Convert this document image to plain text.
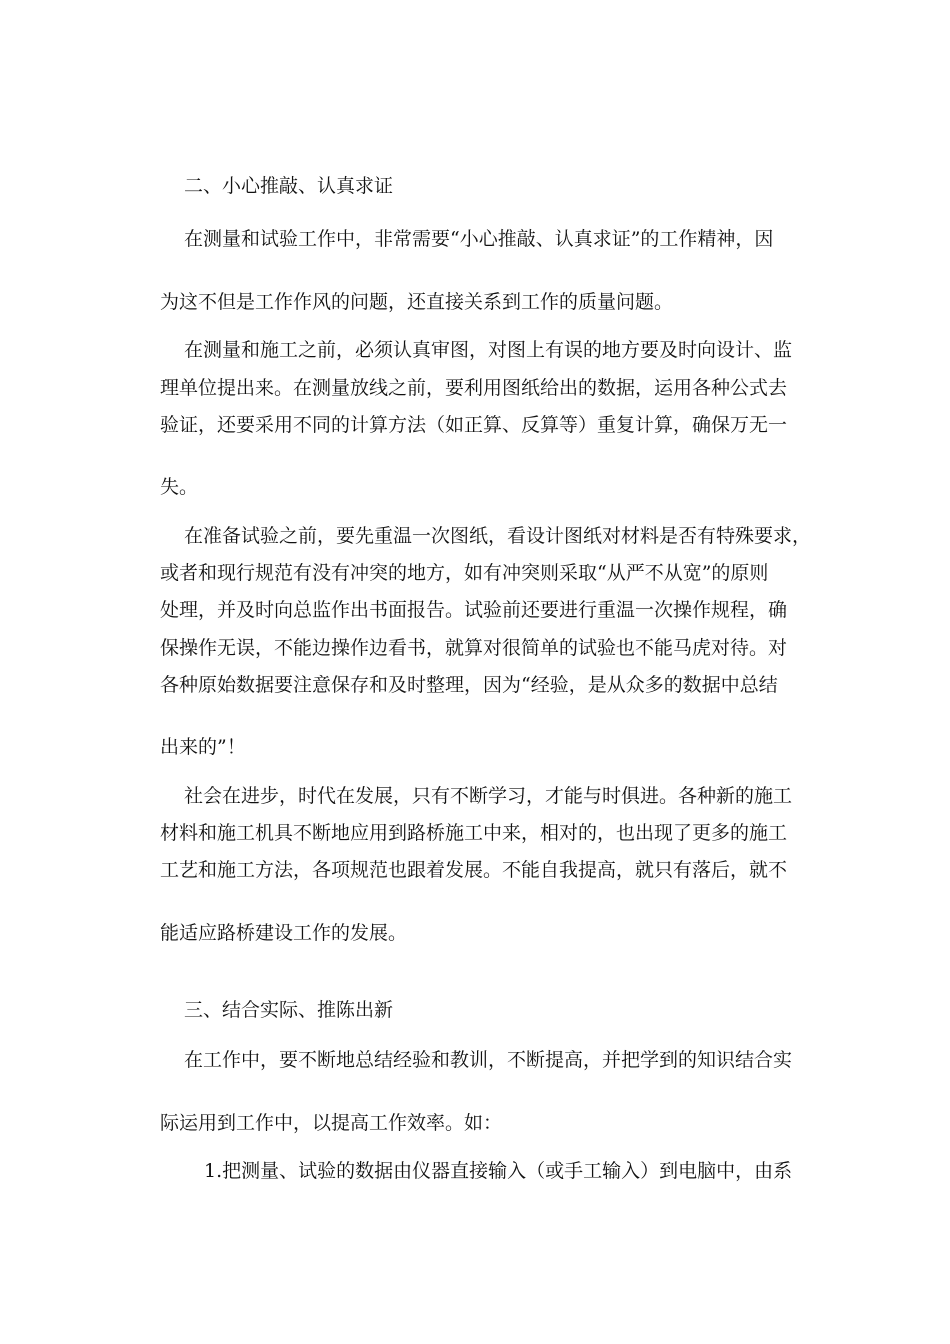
二、小心推敲、认真求证

在测量和试验工作中，非常需要“小心推敲、认真求证”的工作精神，因

为这不但是工作作风的问题，还直接关系到工作的质量问题。

在测量和施工之前，必须认真审图，对图上有误的地方要及时向设计、监

理单位提出来。在测量放线之前，要利用图纸给出的数据，运用各种公式去

验证，还要采用不同的计算方法（如正算、反算等）重复计算，确保万无一

失。

在准备试验之前，要先重温一次图纸，看设计图纸对材料是否有特殊要求，

或者和现行规范有没有冲突的地方，如有冲突则采取“从严不从宽”的原则

处理，并及时向总监作出书面报告。试验前还要进行重温一次操作规程，确

保操作无误，不能边操作边看书，就算对很简单的试验也不能马虎对待。对

各种原始数据要注意保存和及时整理，因为“经验，是从众多的数据中总结

出来的”！

社会在进步，时代在发展，只有不断学习，才能与时俱进。各种新的施工

材料和施工机具不断地应用到路桥施工中来，相对的，也出现了更多的施工

工艺和施工方法，各项规范也跟着发展。不能自我提高，就只有落后，就不

能适应路桥建设工作的发展。

三、结合实际、推陈出新

在工作中，要不断地总结经验和教训，不断提高，并把学到的知识结合实

际运用到工作中，以提高工作效率。如：

1.把测量、试验的数据由仪器直接输入（或手工输入）到电脑中，由系
